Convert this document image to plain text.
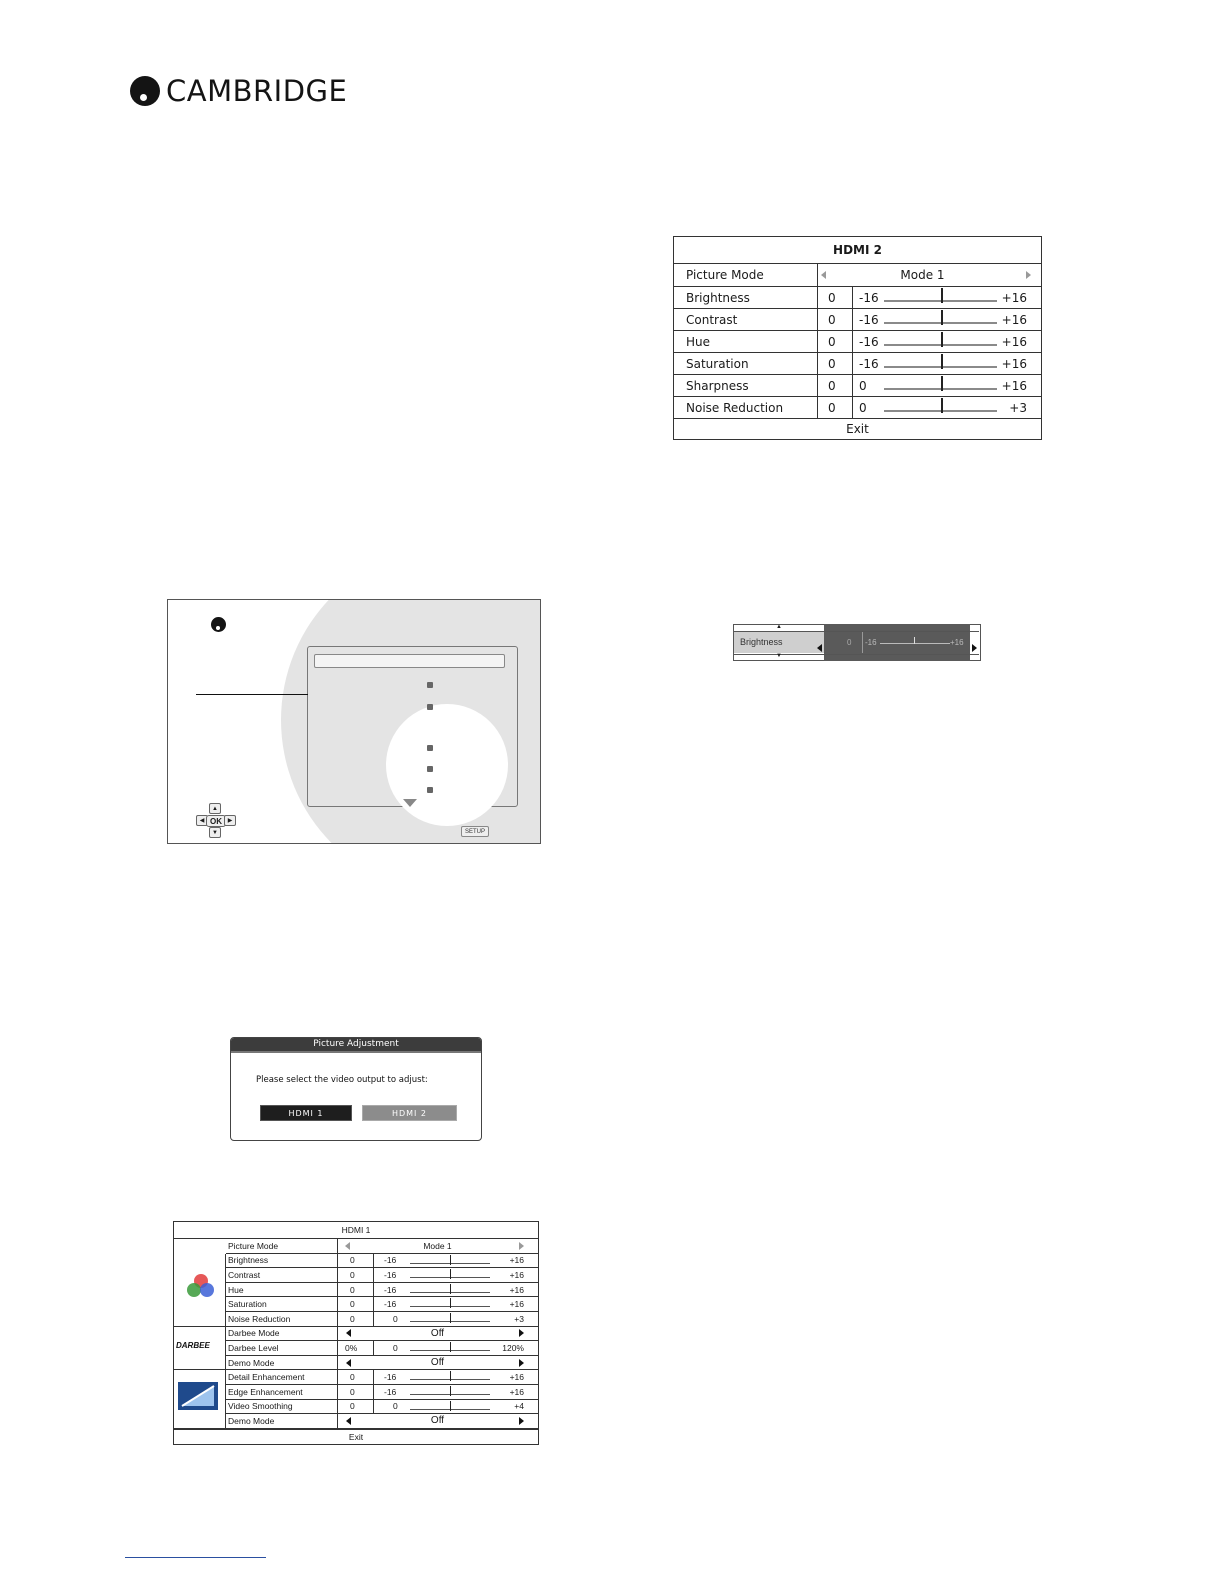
CAMBRIDGE
HDMI 2
Picture Mode	Mode 1
Brightness	0 -16	+16
Contrast	0 -16	+16
Hue	0 -16	+16
Saturation	0 -16	+16
Sharpness	0 0	+16
Noise Reduction	0 0	+3
Exit
▲
◀ OK ▶
▼	SETUP
▲
▼
Brightness	0 -16	+16
Picture Adjustment
Please select the video output to adjust:
HDMI 1	HDMI 2
HDMI 1
Picture Mode	Mode 1
Brightness	0	-16	+16
Contrast	0	-16	+16
Hue	0	-16	+16
Saturation	0	-16	+16
Noise Reduction	0	0	+3
Darbee Mode	Off
Darbee Level	0%	0	120%
Demo Mode	Off
DARBEE
Detail Enhancement	0	-16	+16
Edge Enhancement	0	-16	+16
Video Smoothing	0	0	+4
Demo Mode	Off
Exit
